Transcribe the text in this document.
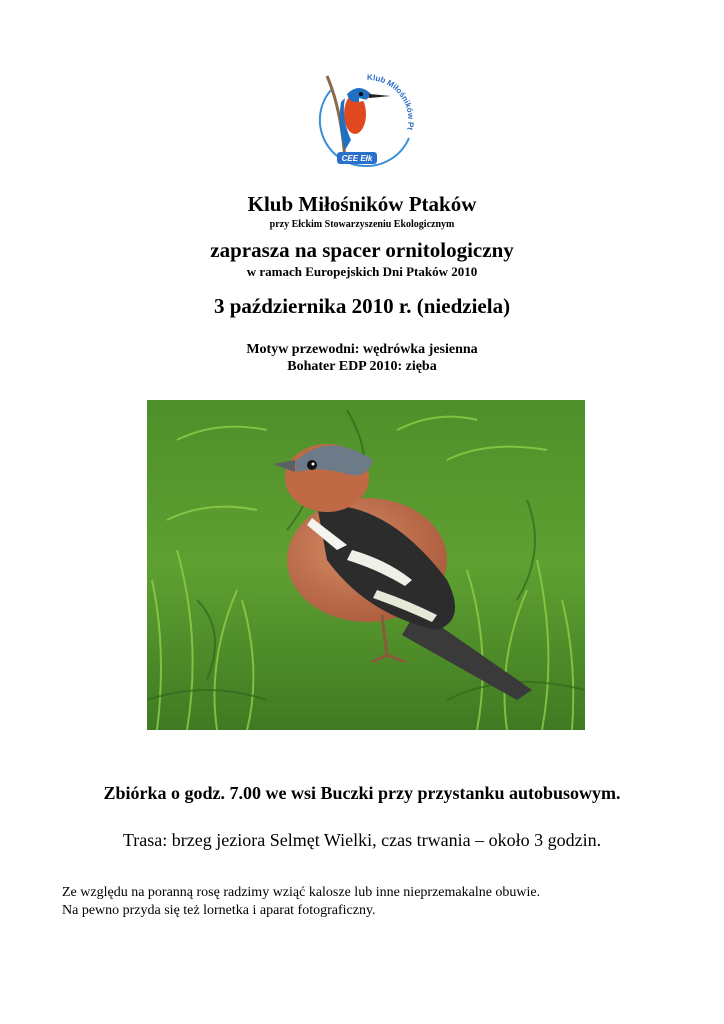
Klub Miłośników Pt
CEE Ełk
Klub Miłośników Ptaków
przy Ełckim Stowarzyszeniu Ekologicznym
zaprasza na spacer ornitologiczny
w ramach Europejskich Dni Ptaków 2010
3 października 2010 r. (niedziela)
Motyw przewodni: wędrówka jesienna
Bohater EDP 2010: zięba
Zbiórka o godz. 7.00 we wsi Buczki przy przystanku autobusowym.
Trasa: brzeg jeziora Selmęt Wielki, czas trwania – około 3 godzin.
Ze względu na poranną rosę radzimy wziąć kalosze lub inne nieprzemakalne obuwie.
Na pewno przyda się też lornetka i aparat fotograficzny.
